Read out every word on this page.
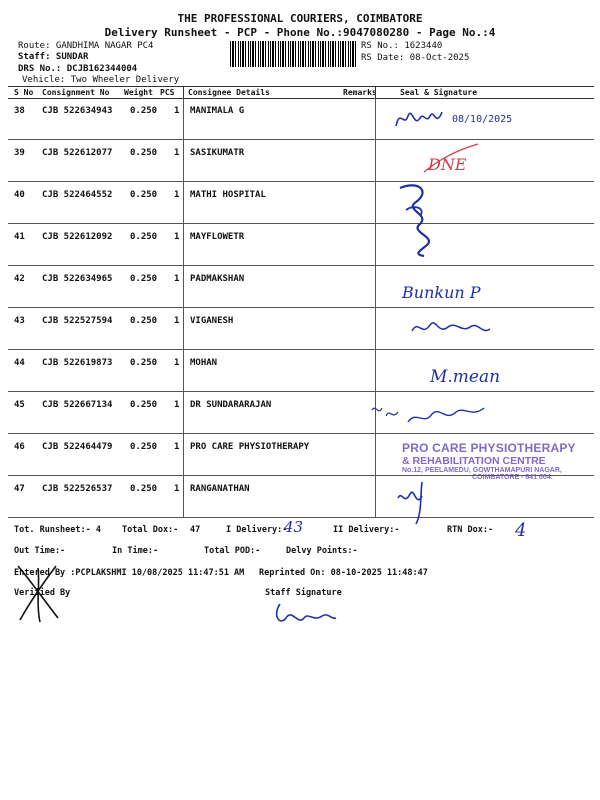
THE PROFESSIONAL COURIERS, COIMBATORE
Delivery Runsheet - PCP - Phone No.:9047080280 - Page No.:4
Route: GANDHIMA NAGAR PC4
Staff: SUNDAR
DRS No.: DCJB162344004
Vehicle: Two Wheeler Delivery
RS No.: 1623440
RS Date: 08-Oct-2025
S No Consignment No Weight PCS Consignee Details	Remarks	Seal & Signature
38 CJB 522634943 0.250 1 MANIMALA G
39 CJB 522612077 0.250 1 SASIKUMATR
40 CJB 522464552 0.250 1 MATHI HOSPITAL
41 CJB 522612092 0.250 1 MAYFLOWETR
42 CJB 522634965 0.250 1 PADMAKSHAN
43 CJB 522527594 0.250 1 VIGANESH
44 CJB 522619873 0.250 1 MOHAN
45 CJB 522667134 0.250 1 DR SUNDARARAJAN
46 CJB 522464479 0.250 1 PRO CARE PHYSIOTHERAPY
47 CJB 522526537 0.250 1 RANGANATHAN
08/10/2025
DNE
Bunkun P
M.mean
PRO CARE PHYSIOTHERAPY
& REHABILITATION CENTRE
No.12, PEELAMEDU, GOWTHAMAPURI NAGAR,
COIMBATORE - 641 004.
Tot. Runsheet:- 4 Total Dox:- 47	I Delivery:-
43	II Delivery:-	RTN Dox:- 4
Out Time:-	In Time:-	Total POD:-	Delvy Points:-
Entered By :PCPLAKSHMI 10/08/2025 11:47:51 AM Reprinted On: 08-10-2025 11:48:47
Verified By	Staff Signature
